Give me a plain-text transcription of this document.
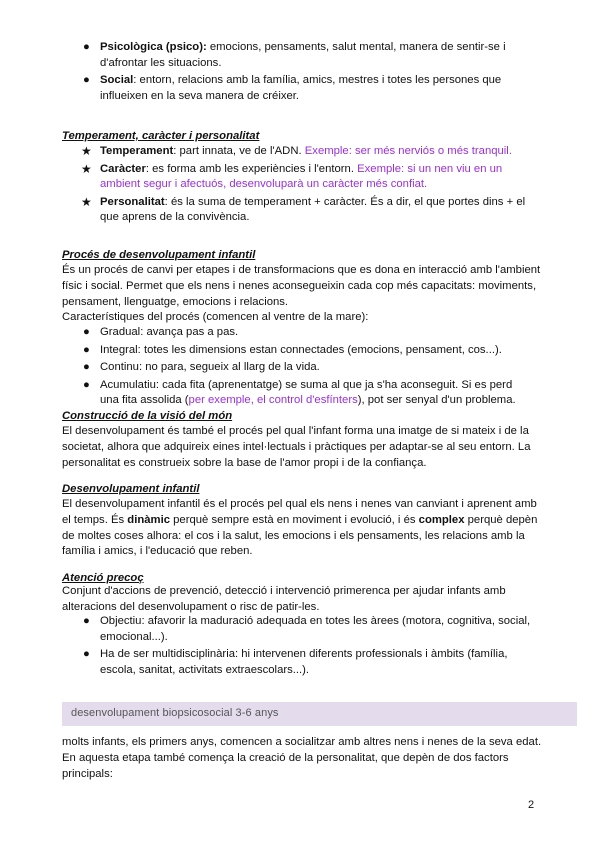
● Psicològica (psico): emocions, pensaments, salut mental, manera de sentir-se i d'afrontar les situacions.
● Social: entorn, relacions amb la família, amics, mestres i totes les persones que influeixen en la seva manera de créixer.
Temperament, caràcter i personalitat
★ Temperament: part innata, ve de l'ADN. Exemple: ser més nerviós o més tranquil.
★ Caràcter: es forma amb les experiències i l'entorn. Exemple: si un nen viu en un ambient segur i afectuós, desenvoluparà un caràcter més confiat.
★ Personalitat: és la suma de temperament + caràcter. És a dir, el que portes dins + el que aprens de la convivència.
Procés de desenvolupament infantil

És un procés de canvi per etapes i de transformacions que es dona en interacció amb l'ambient físic i social. Permet que els nens i nenes aconsegueixin cada cop més capacitats: moviments, pensament, llenguatge, emocions i relacions.

Característiques del procés (comencen al ventre de la mare):

● Gradual: avança pas a pas.
● Integral: totes les dimensions estan connectades (emocions, pensament, cos...).
● Continu: no para, segueix al llarg de la vida.
● Acumulatiu: cada fita (aprenentatge) se suma al que ja s'ha aconseguit. Si es perd una fita assolida (per exemple, el control d'esfínters), pot ser senyal d'un problema.
Construcció de la visió del món

El desenvolupament és també el procés pel qual l'infant forma una imatge de si mateix i de la societat, alhora que adquireix eines intel·lectuals i pràctiques per adaptar-se al seu entorn. La personalitat es construeix sobre la base de l'amor propi i de la confiança.

Desenvolupament infantil

El desenvolupament infantil és el procés pel qual els nens i nenes van canviant i aprenent amb el temps. És dinàmic perquè sempre està en moviment i evolució, i és complex perquè depèn de moltes coses alhora: el cos i la salut, les emocions i els pensaments, les relacions amb la família i amics, i l'educació que reben.

Atenció precoç

Conjunt d'accions de prevenció, detecció i intervenció primerenca per ajudar infants amb alteracions del desenvolupament o risc de patir-les.

● Objectiu: afavorir la maduració adequada en totes les àrees (motora, cognitiva, social, emocional...).
● Ha de ser multidisciplinària: hi intervenen diferents professionals i àmbits (família, escola, sanitat, activitats extraescolars...).
desenvolupament biopsicosocial 3-6 anys

molts infants, els primers anys, comencen a socialitzar amb altres nens i nenes de la seva edat. En aquesta etapa també comença la creació de la personalitat, que depèn de dos factors principals:

2
